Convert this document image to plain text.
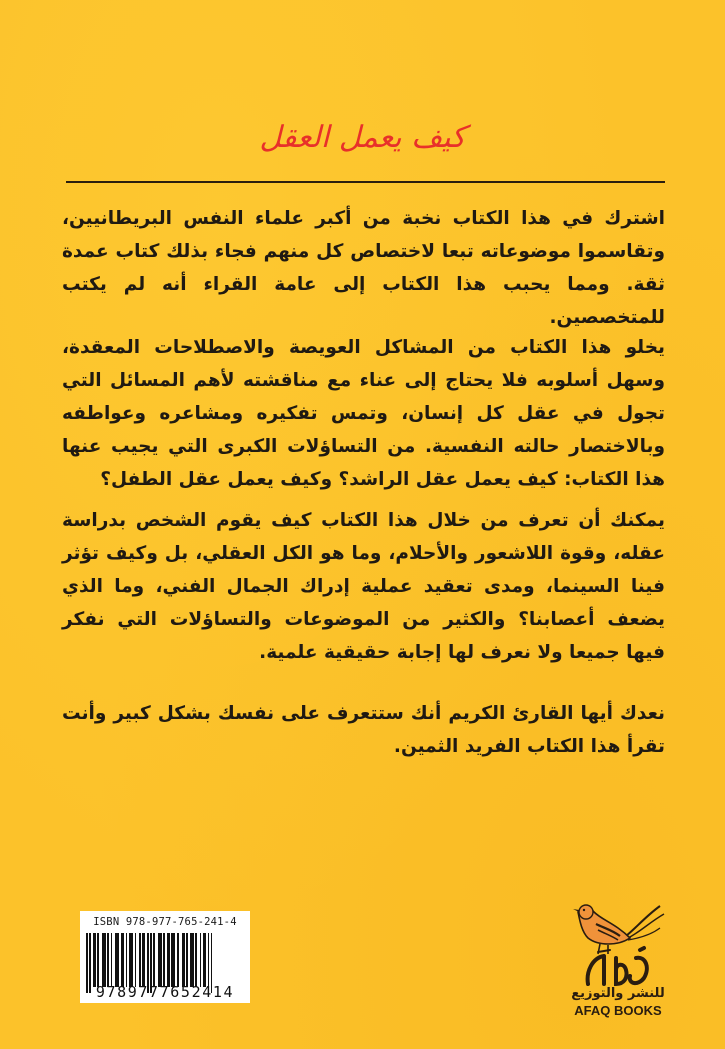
كيف يعمل العقل

اشترك في هذا الكتاب نخبة من أكبر علماء النفس البريطانيين، وتقاسموا موضوعاته تبعا لاختصاص كل منهم فجاء بذلك كتاب عمدة ثقة. ومما يحبب هذا الكتاب إلى عامة القراء أنه لم يكتب للمتخصصين.

يخلو هذا الكتاب من المشاكل العويصة والاصطلاحات المعقدة، وسهل أسلوبه فلا يحتاج إلى عناء مع مناقشته لأهم المسائل التي تجول في عقل كل إنسان، وتمس تفكيره ومشاعره وعواطفه وبالاختصار حالته النفسية. من التساؤلات الكبرى التي يجيب عنها هذا الكتاب: كيف يعمل عقل الراشد؟ وكيف يعمل عقل الطفل؟

يمكنك أن تعرف من خلال هذا الكتاب كيف يقوم الشخص بدراسة عقله، وقوة اللاشعور والأحلام، وما هو الكل العقلي، بل وكيف تؤثر فينا السينما، ومدى تعقيد عملية إدراك الجمال الفني، وما الذي يضعف أعصابنا؟ والكثير من الموضوعات والتساؤلات التي نفكر فيها جميعا ولا نعرف لها إجابة حقيقية علمية.

نعدك أيها القارئ الكريم أنك ستتعرف على نفسك بشكل كبير وأنت تقرأ هذا الكتاب الفريد الثمين.

ISBN 978-977-765-241-4
9789777652414	للنشر والتوزيع
AFAQ BOOKS
